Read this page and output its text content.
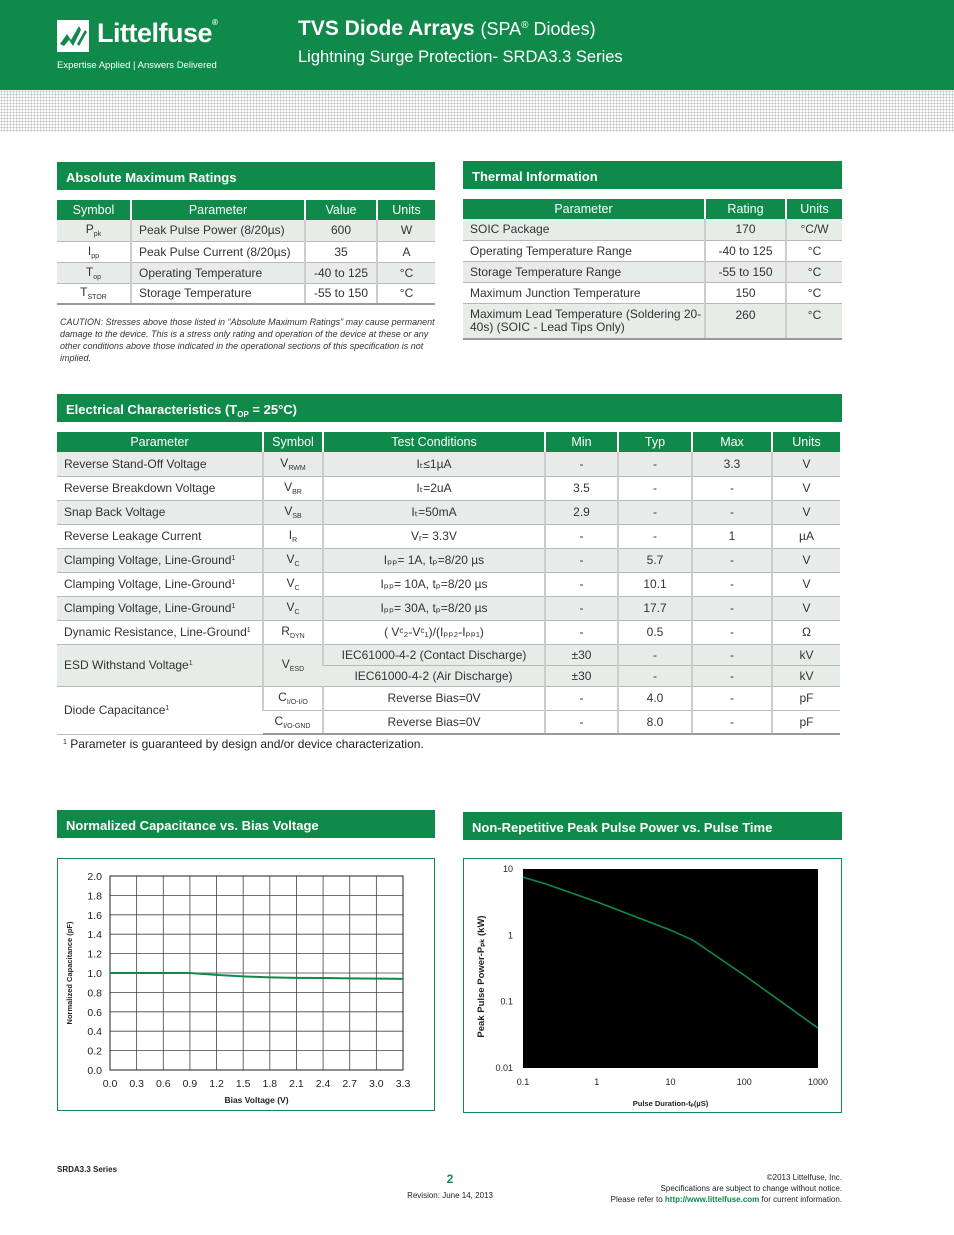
Littelfuse®
Expertise Applied | Answers Delivered
TVS Diode Arrays (SPA® Diodes)
Lightning Surge Protection- SRDA3.3 Series
Absolute Maximum Ratings
Symbol	Parameter	Value	Units
$P_{pk}$	Peak Pulse Power (8/20µs)	600	W
$I_{pp}$	Peak Pulse Current (8/20µs)	35	A
$T_{op}$	Operating Temperature	-40 to 125	°C
$T_{STOR}$	Storage Temperature	-55 to 150	°C
CAUTION: Stresses above those listed in “Absolute Maximum Ratings” may cause permanent damage to the device. This is a stress only rating and operation of the device at these or any other conditions above those indicated in the operational sections of this specification is not implied.
Thermal Information
Parameter	Rating	Units
SOIC Package	170	°C/W
Operating Temperature Range	-40 to 125	°C
Storage Temperature Range	-55 to 150	°C
Maximum Junction Temperature	150	°C
Maximum Lead Temperature (Soldering 20-40s) (SOIC - Lead Tips Only)	260	°C
Electrical Characteristics $(T_{OP} = 25^\circ C)$
Parameter	Symbol	Test Conditions	Min	Typ	Max	Units
Reverse Stand-Off Voltage	$V_{RWM}$	Iₜ≤1µA	-	-	3.3	V
Reverse Breakdown Voltage	$V_{BR}$	Iₜ=2uA	3.5	-	-	V
Snap Back Voltage	$V_{SB}$	Iₜ=50mA	2.9	-	-	V
Reverse Leakage Current	$I_R$	Vᵣ= 3.3V	-	-	1	µA
Clamping Voltage, Line-Ground$^1$	$V_C$	Iₚₚ= 1A, tₚ=8/20 µs	-	5.7	-	V
Clamping Voltage, Line-Ground$^1$	$V_C$	Iₚₚ= 10A, tₚ=8/20 µs	-	10.1	-	V
Clamping Voltage, Line-Ground$^1$	$V_C$	Iₚₚ= 30A, tₚ=8/20 µs	-	17.7	-	V
Dynamic Resistance, Line-Ground$^1$	$R_{DYN}$	( Vᶜ₂-Vᶜ₁)/(Iₚₚ₂-Iₚₚ₁)	-	0.5	-	Ω
ESD Withstand Voltage$^1$	$V_{ESD}$	IEC61000-4-2 (Contact Discharge)	±30	-	-	kV
		IEC61000-4-2 (Air Discharge)	±30	-	-	kV
Diode Capacitance$^1$	$C_{I/O-I/O}$	Reverse Bias=0V	-	4.0	-	pF
	$C_{I/O-GND}$	Reverse Bias=0V	-	8.0	-	pF
$^1$ Parameter is guaranteed by design and/or device characterization.
Normalized Capacitance vs. Bias Voltage
0.0 0.3 0.6 0.9 1.2 1.5 1.8 2.1 2.4 2.7 3.0 3.3
0.0
0.2
0.4
0.6
0.8
1.0
1.2
1.4
1.6
1.8
2.0
Bias Voltage (V)
Normalized Capacitance (pF)
Non-Repetitive Peak Pulse Power vs. Pulse Time
0.1	1	10	100	1000
0.01
0.1
1
10
Pulse Duration-tₚ(µS)
Peak Pulse Power-Pₚₖ (kW)
SRDA3.3 Series
2
Revision: June 14, 2013
©2013 Littelfuse, Inc.
Specifications are subject to change without notice.
Please refer to http://www.littelfuse.com for current information.
